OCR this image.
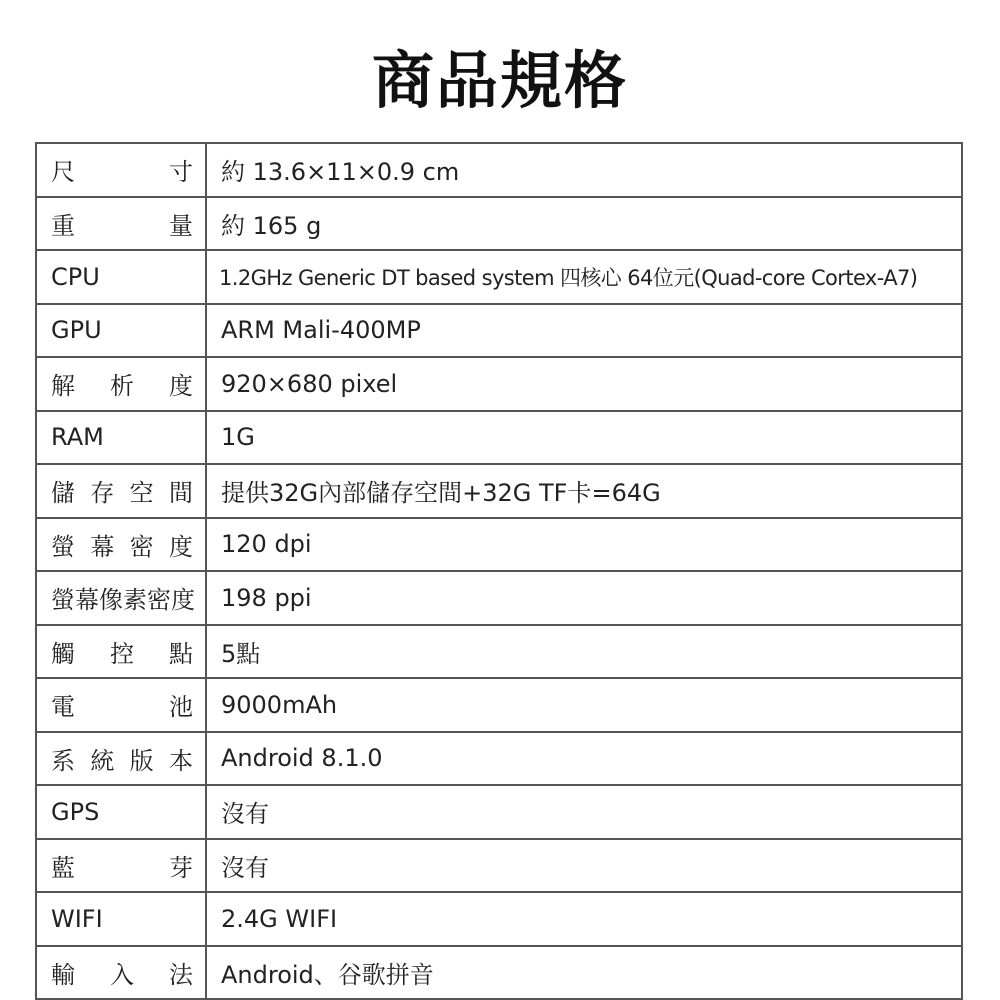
商品規格
尺寸	約 13.6×11×0.9 cm
重量	約 165 g
CPU	1.2GHz Generic DT based system 四核心 64位元(Quad-core Cortex-A7)
GPU	ARM Mali-400MP
解析度	920×680 pixel
RAM	1G
儲存空間	提供32G內部儲存空間+32G TF卡=64G
螢幕密度	120 dpi
螢幕像素密度	198 ppi
觸控點	5點
電池	9000mAh
系統版本	Android 8.1.0
GPS	沒有
藍芽	沒有
WIFI	2.4G WIFI
輸入法	Android、谷歌拼音
